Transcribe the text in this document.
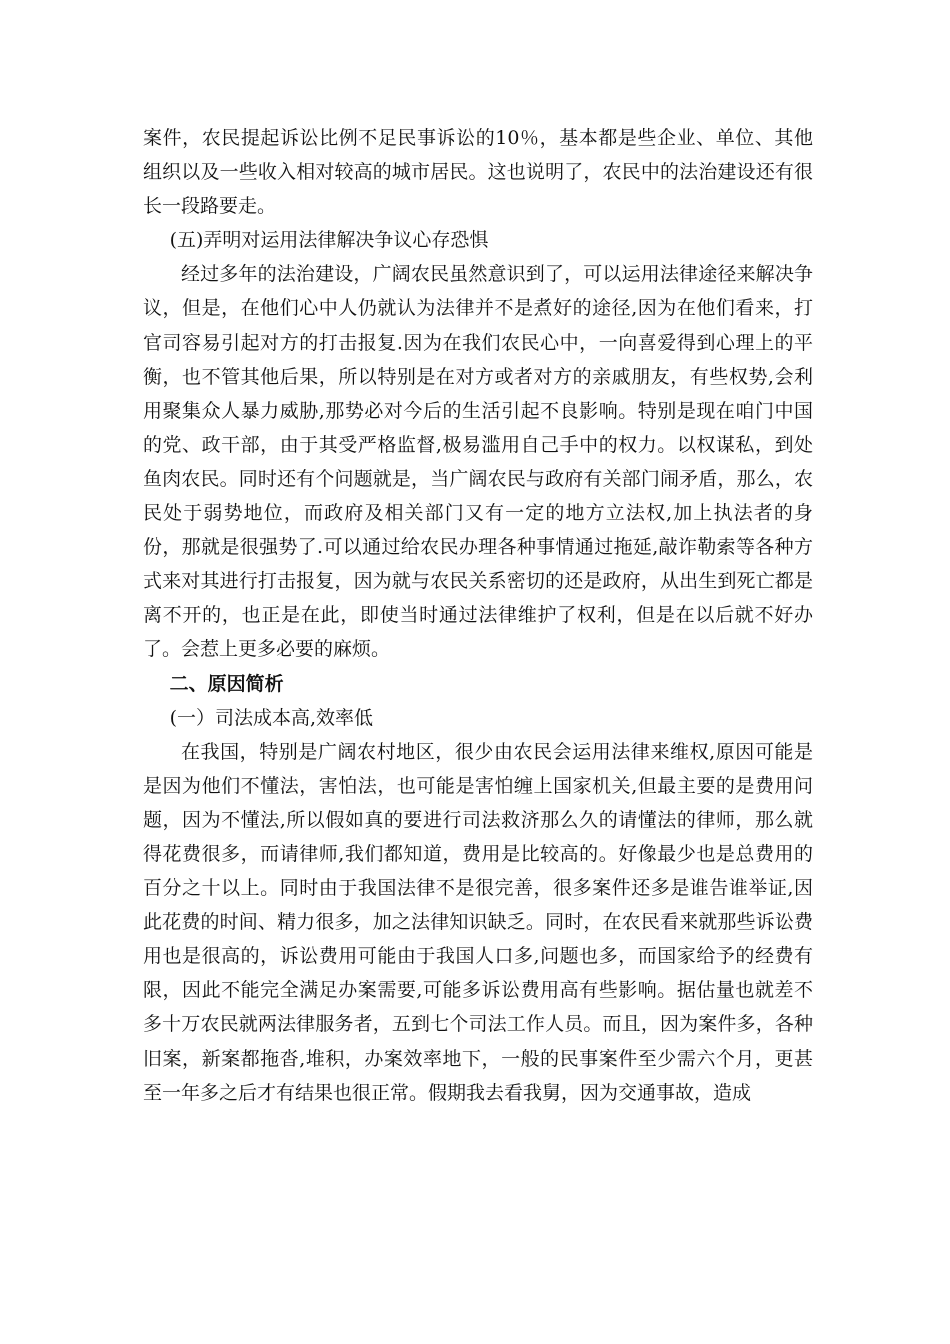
案件，农民提起诉讼比例不足民事诉讼的10％，基本都是些企业、单位、其他组织以及一些收入相对较高的城市居民。这也说明了，农民中的法治建设还有很长一段路要走。

(五)弄明对运用法律解决争议心存恐惧

经过多年的法治建设，广阔农民虽然意识到了，可以运用法律途径来解决争议，但是，在他们心中人仍就认为法律并不是煮好的途径,因为在他们看来，打官司容易引起对方的打击报复.因为在我们农民心中，一向喜爱得到心理上的平衡，也不管其他后果，所以特别是在对方或者对方的亲戚朋友，有些权势,会利用聚集众人暴力威胁,那势必对今后的生活引起不良影响。特别是现在咱门中国的党、政干部，由于其受严格监督,极易滥用自己手中的权力。以权谋私，到处鱼肉农民。同时还有个问题就是，当广阔农民与政府有关部门闹矛盾，那么，农民处于弱势地位，而政府及相关部门又有一定的地方立法权,加上执法者的身份，那就是很强势了.可以通过给农民办理各种事情通过拖延,敲诈勒索等各种方式来对其进行打击报复，因为就与农民关系密切的还是政府，从出生到死亡都是离不开的，也正是在此，即使当时通过法律维护了权利，但是在以后就不好办了。会惹上更多必要的麻烦。

二、原因简析
(一）司法成本高,效率低

在我国，特别是广阔农村地区，很少由农民会运用法律来维权,原因可能是是因为他们不懂法，害怕法，也可能是害怕缠上国家机关,但最主要的是费用问题，因为不懂法,所以假如真的要进行司法救济那么久的请懂法的律师，那么就得花费很多，而请律师,我们都知道，费用是比较高的。好像最少也是总费用的百分之十以上。同时由于我国法律不是很完善，很多案件还多是谁告谁举证,因此花费的时间、精力很多，加之法律知识缺乏。同时，在农民看来就那些诉讼费用也是很高的，诉讼费用可能由于我国人口多,问题也多，而国家给予的经费有限，因此不能完全满足办案需要,可能多诉讼费用高有些影响。据估量也就差不多十万农民就两法律服务者，五到七个司法工作人员。而且，因为案件多，各种旧案，新案都拖沓,堆积，办案效率地下，一般的民事案件至少需六个月，更甚至一年多之后才有结果也很正常。假期我去看我舅，因为交通事故，造成
